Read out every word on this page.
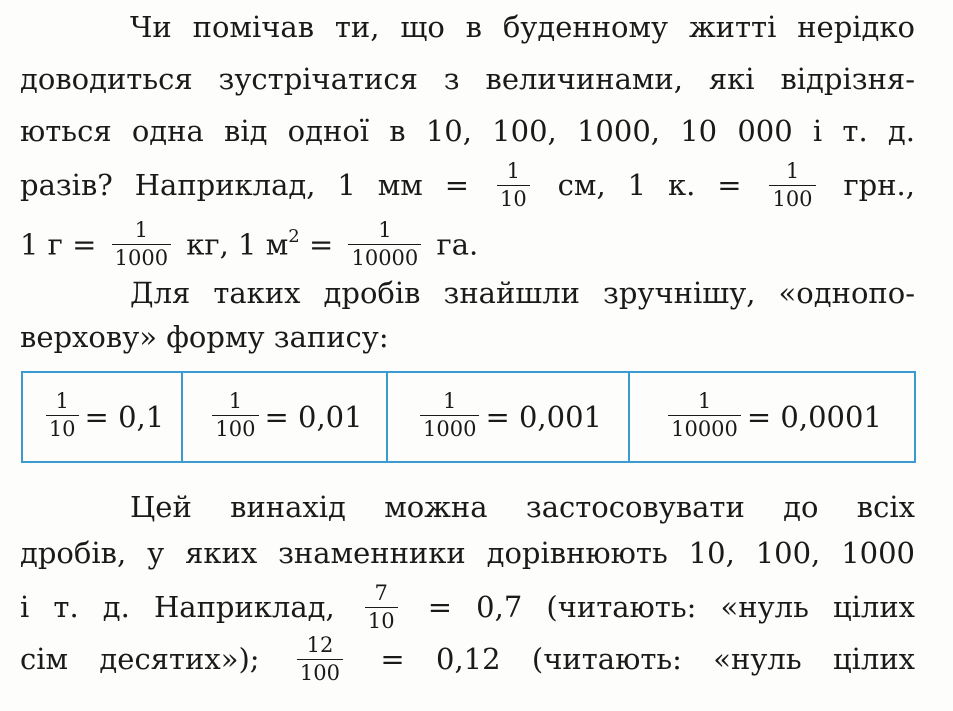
Чи помічав ти, що в буденному житті нерідко
доводиться зустрічатися з величинами, які відрізня-
ються одна від одної в 10, 100, 1000, 10 000 і т. д.
разів? Наприклад, 1 мм = $\frac{1}{10}$ см, 1 к. = $\frac{1}{100}$ грн.,
1 $г = \frac{1}{1000}$ кг, 1 $м^2 = \frac{1}{10000}$ га.
Для таких дробів знайшли зручнішу, «однопо-
верхову» форму запису:
$\frac{1}{10} = 0,1 \frac{1}{100} = 0,01$	$\frac{1}{1000} = 0,001$	$\frac{1}{10000} = 0,0001$
Цей винахід можна застосовувати до всіх
дробів, у яких знаменники дорівнюють 10, 100, 1000
і т. д. Наприклад, $\frac{7}{10} = 0,7$ (читають: «нуль цілих
сім десятих»); $\frac{12}{100} = 0,12$ (читають: «нуль цілих
